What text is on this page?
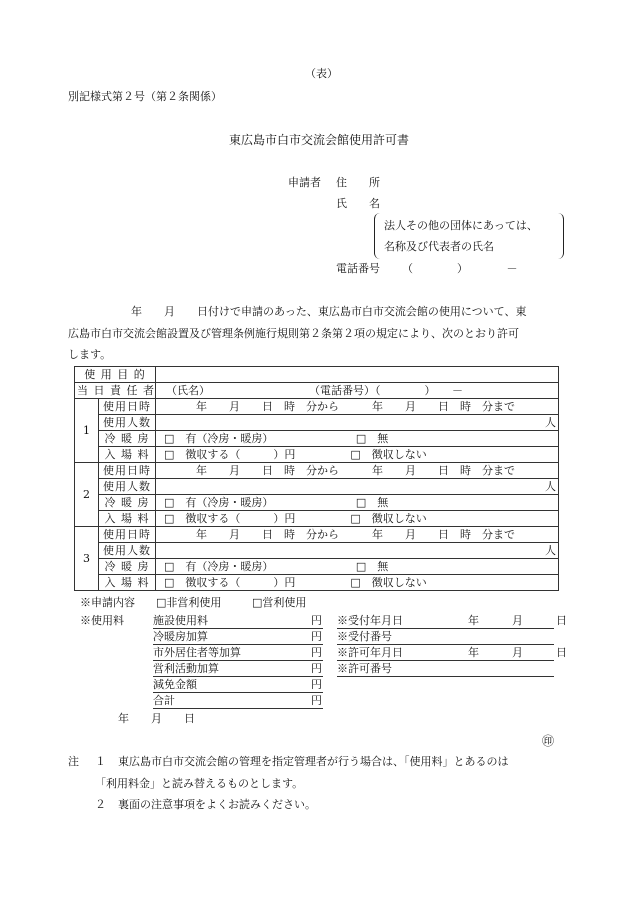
（表）
別記様式第２号（第２条関係）
東広島市白市交流会館使用許可書
申請者 住　　所
氏　　名
法人その他の団体にあっては、
名称及び代表者の氏名
電話番号 （　　　　）　　　　－
年　　月　　日付けで申請のあった、東広島市白市交流会館の使用について、東
広島市白市交流会館設置及び管理条例施行規則第２条第２項の規定により、次のとおり許可
します。
使 用 目 的		
当 日 責 任 者		（氏名）　　　　　　　　　　（電話番号）（　　　　）　　－
1	使用日時	年　　月　　日　時　分から　　　年　　月　　日　時　分まで
	使用人数	人
	冷 暖 房	□　有（冷房・暖房）　　　　　　　　□　無
	入 場 料	□　徴収する（　　　）円　　　　　□　徴収しない
2	使用日時	年　　月　　日　時　分から　　　年　　月　　日　時　分まで
	使用人数	人
	冷 暖 房	□　有（冷房・暖房）　　　　　　　　□　無
	入 場 料	□　徴収する（　　　）円　　　　　□　徴収しない
3	使用日時	年　　月　　日　時　分から　　　年　　月　　日　時　分まで
	使用人数	人
	冷 暖 房	□　有（冷房・暖房）　　　　　　　　□　無
	入 場 料	□　徴収する（　　　）円　　　　　□　徴収しない
※申請内容 □非営利使用	□営利使用
※使用料	施設使用料	円
冷暖房加算	円
市外居住者等加算	円
営利活動加算	円
減免金額	円
合計	円
※受付年月日	年　　　月　　　日
※受付番号
※許可年月日	年　　　月　　　日
※許可番号
年　　月　　日
㊞
注 １ 東広島市白市交流会館の管理を指定管理者が行う場合は、「使用料」とあるのは
「利用料金」と読み替えるものとします。
２ 裏面の注意事項をよくお読みください。
